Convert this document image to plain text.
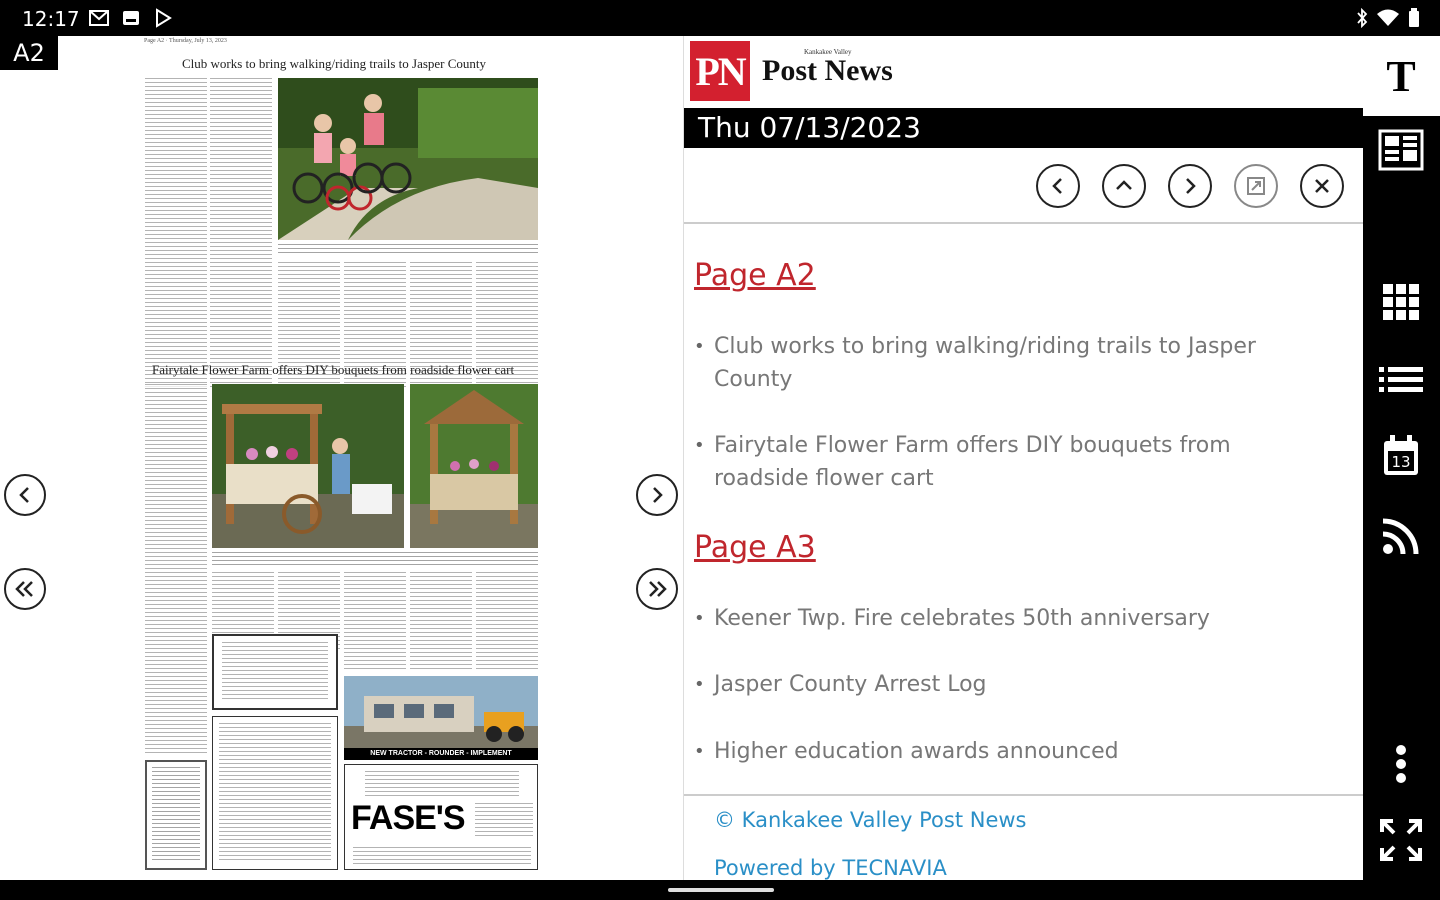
12:17
A2	Page A2 · Thursday, July 13, 2023
Club works to bring walking/riding trails to Jasper County
Fairytale Flower Farm offers DIY bouquets from roadside flower cart
NEW TRACTOR - ROUNDER - IMPLEMENT
FASE'S
PN	Kankakee Valley
Post News
Thu 07/13/2023
Page A2
• Club works to bring walking/riding trails to Jasper County
• Fairytale Flower Farm offers DIY bouquets from roadside flower cart
Page A3
• Keener Twp. Fire celebrates 50th anniversary
• Jasper County Arrest Log
• Higher education awards announced
© Kankakee Valley Post News
Powered by TECNAVIA
T
13
